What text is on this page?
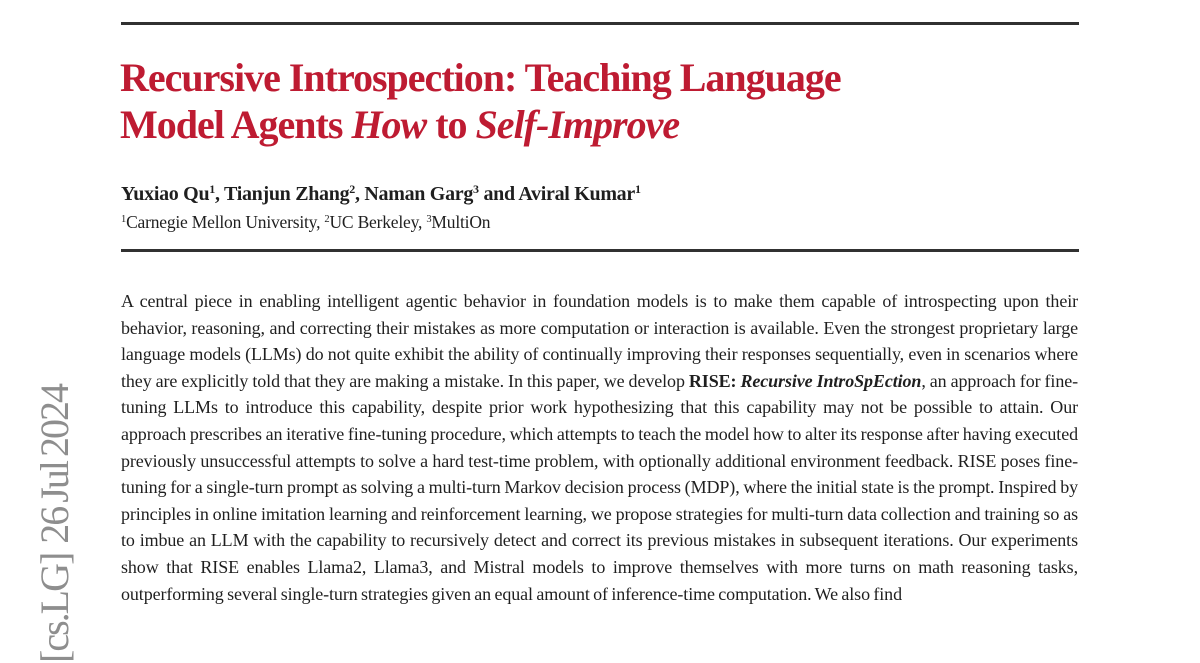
[cs.LG]  26 Jul 2024
Recursive Introspection: Teaching Language
Model Agents How to Self-Improve
Yuxiao Qu$^1$, Tianjun Zhang$^2$, Naman Garg$^3$ and Aviral Kumar$^1$
$^1$Carnegie Mellon University, $^2$UC Berkeley, $^3$MultiOn

A central piece in enabling intelligent agentic behavior in foundation models is to make them capable of introspecting upon their behavior, reasoning, and correcting their mistakes as more computation or interaction is available. Even the strongest proprietary large language models (LLMs) do not quite exhibit the ability of continually improving their responses sequentially, even in scenarios where they are explicitly told that they are making a mistake. In this paper, we develop RISE: Recursive IntroSpEction, an approach for fine-tuning LLMs to introduce this capability, despite prior work hypothesizing that this capability may not be possible to attain. Our approach prescribes an iterative fine-tuning procedure, which attempts to teach the model how to alter its response after having executed previously unsuccessful attempts to solve a hard test-time problem, with optionally additional environment feedback. RISE poses fine-tuning for a single-turn prompt as solving a multi-turn Markov decision process (MDP), where the initial state is the prompt. Inspired by principles in online imitation learning and reinforcement learning, we propose strategies for multi-turn data collection and training so as to imbue an LLM with the capability to recursively detect and correct its previous mistakes in subsequent iterations. Our experiments show that RISE enables Llama2, Llama3, and Mistral models to improve themselves with more turns on math reasoning tasks, outperforming several single-turn strategies given an equal amount of inference-time computation. We also find
